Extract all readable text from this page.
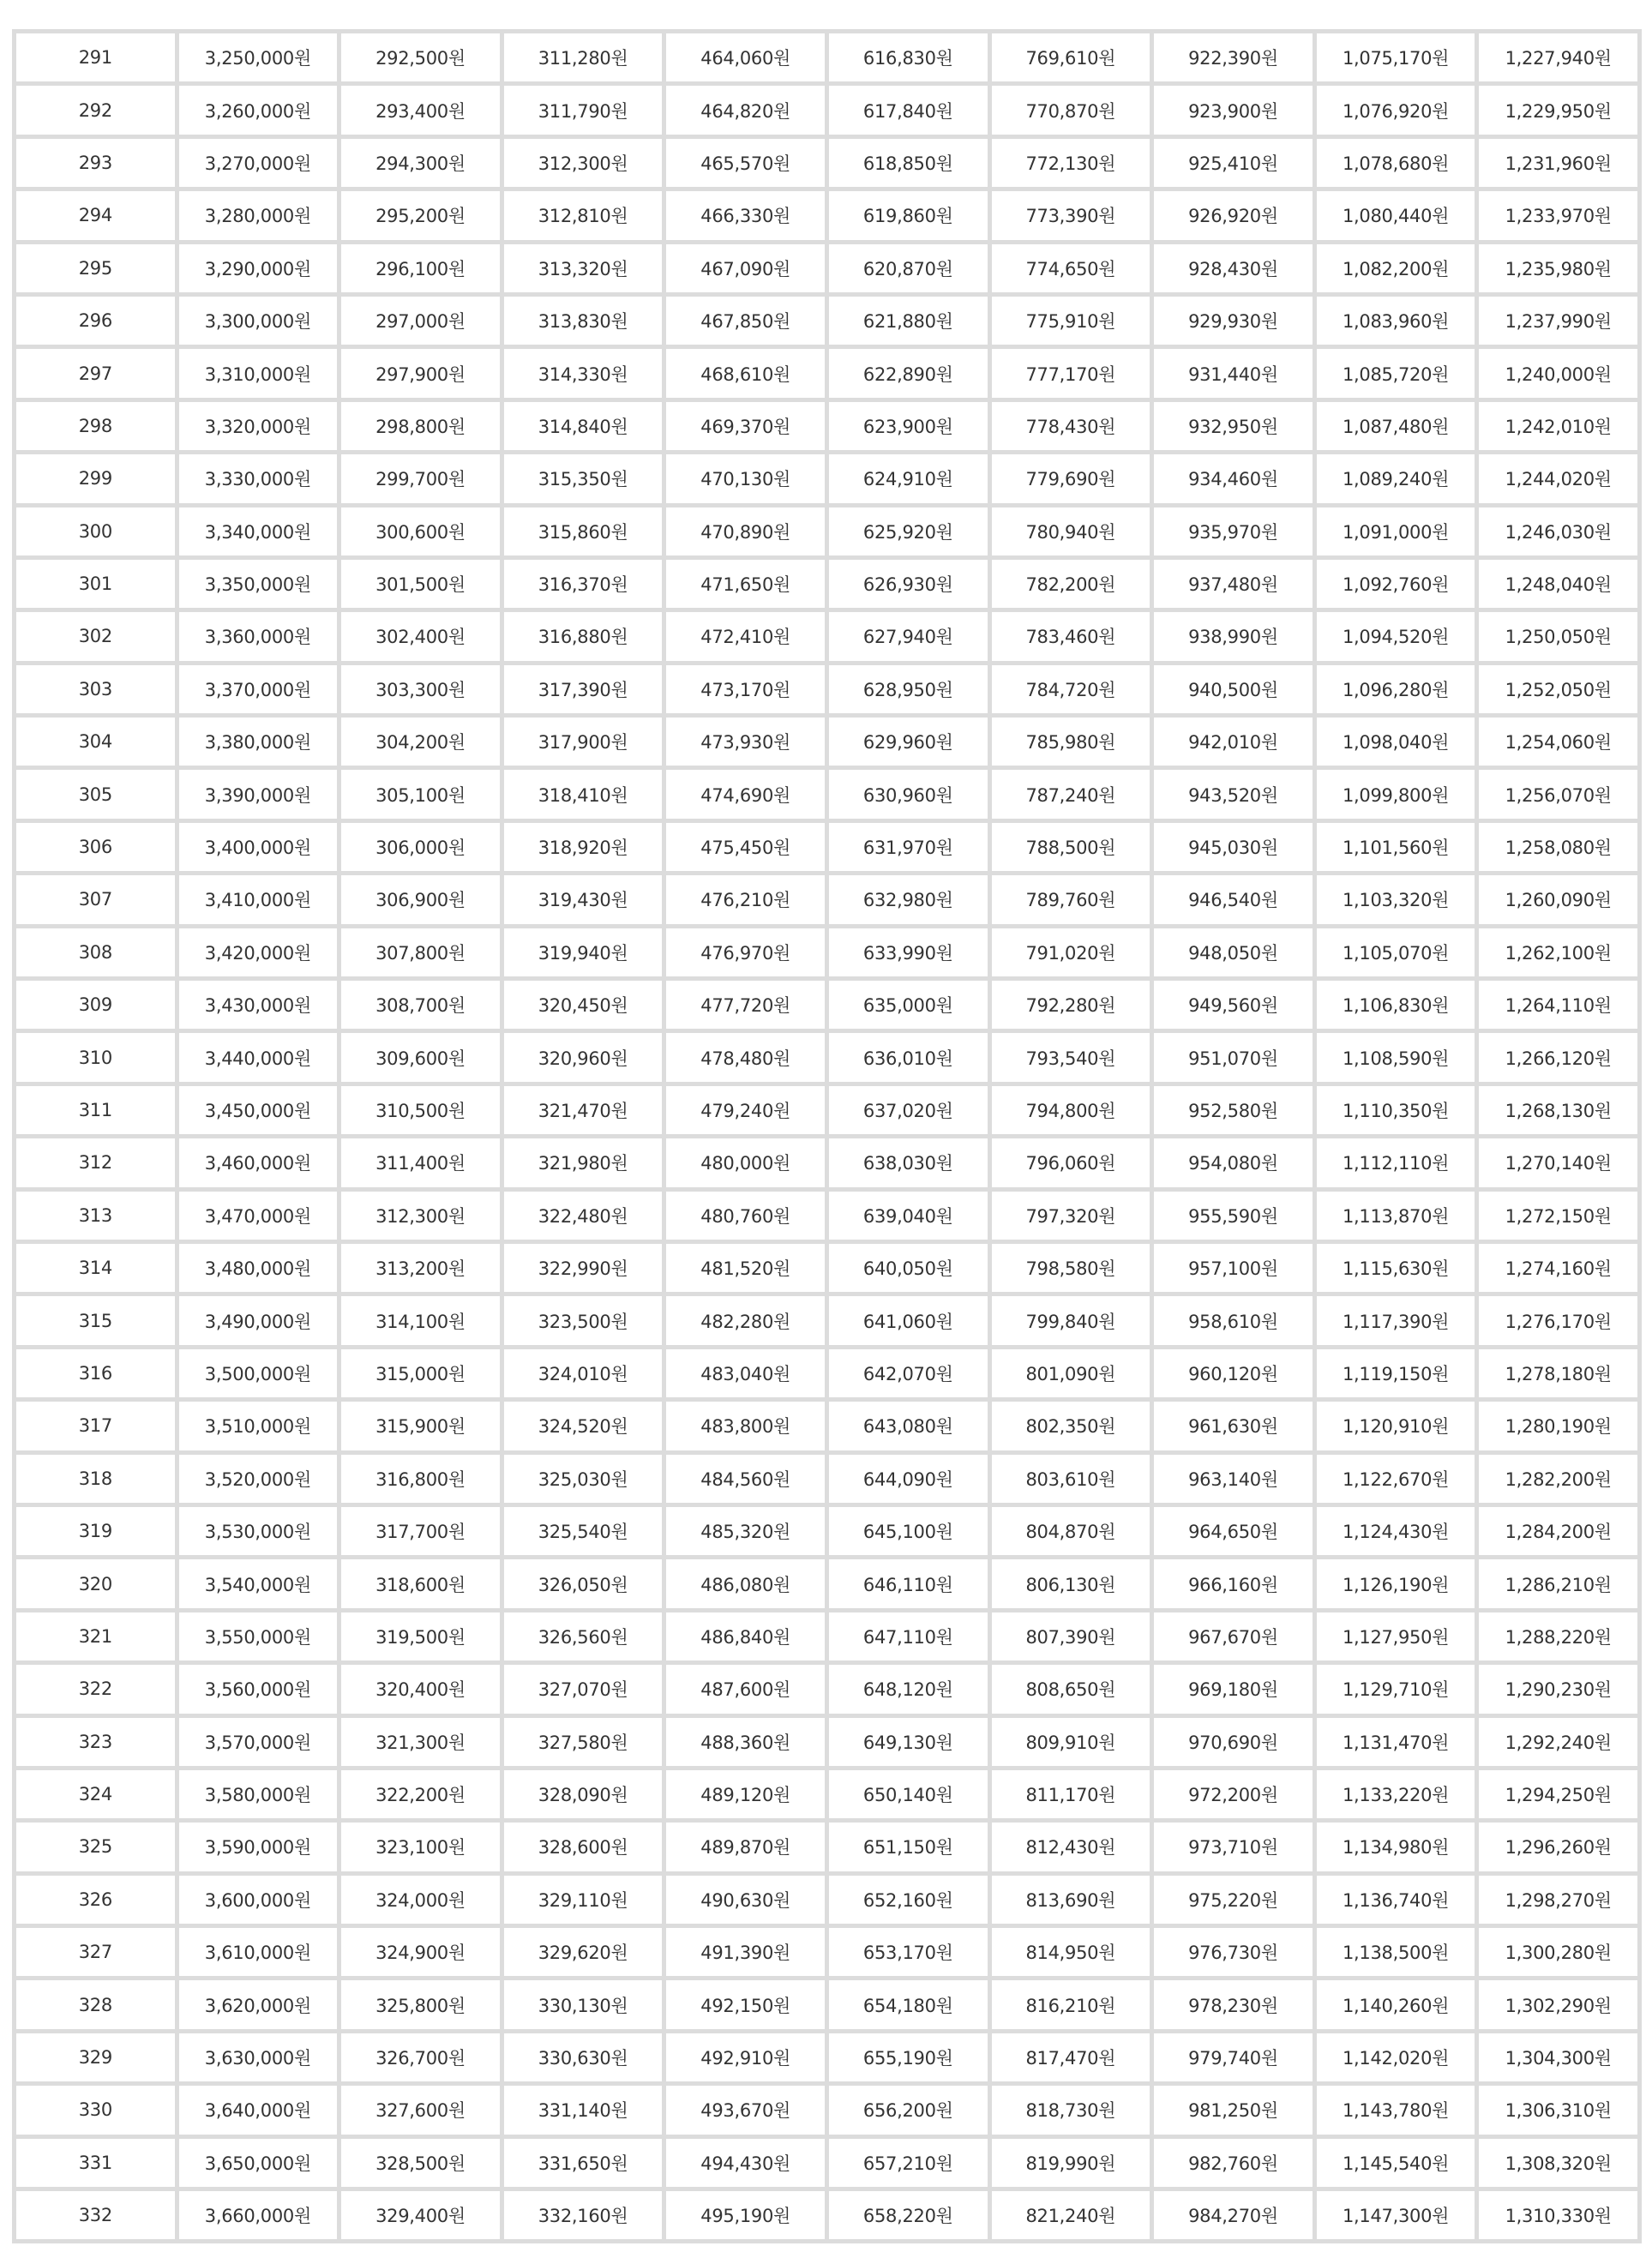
291	3,250,000원	292,500원	311,280원	464,060원	616,830원	769,610원	922,390원	1,075,170원	1,227,940원
292	3,260,000원	293,400원	311,790원	464,820원	617,840원	770,870원	923,900원	1,076,920원	1,229,950원
293	3,270,000원	294,300원	312,300원	465,570원	618,850원	772,130원	925,410원	1,078,680원	1,231,960원
294	3,280,000원	295,200원	312,810원	466,330원	619,860원	773,390원	926,920원	1,080,440원	1,233,970원
295	3,290,000원	296,100원	313,320원	467,090원	620,870원	774,650원	928,430원	1,082,200원	1,235,980원
296	3,300,000원	297,000원	313,830원	467,850원	621,880원	775,910원	929,930원	1,083,960원	1,237,990원
297	3,310,000원	297,900원	314,330원	468,610원	622,890원	777,170원	931,440원	1,085,720원	1,240,000원
298	3,320,000원	298,800원	314,840원	469,370원	623,900원	778,430원	932,950원	1,087,480원	1,242,010원
299	3,330,000원	299,700원	315,350원	470,130원	624,910원	779,690원	934,460원	1,089,240원	1,244,020원
300	3,340,000원	300,600원	315,860원	470,890원	625,920원	780,940원	935,970원	1,091,000원	1,246,030원
301	3,350,000원	301,500원	316,370원	471,650원	626,930원	782,200원	937,480원	1,092,760원	1,248,040원
302	3,360,000원	302,400원	316,880원	472,410원	627,940원	783,460원	938,990원	1,094,520원	1,250,050원
303	3,370,000원	303,300원	317,390원	473,170원	628,950원	784,720원	940,500원	1,096,280원	1,252,050원
304	3,380,000원	304,200원	317,900원	473,930원	629,960원	785,980원	942,010원	1,098,040원	1,254,060원
305	3,390,000원	305,100원	318,410원	474,690원	630,960원	787,240원	943,520원	1,099,800원	1,256,070원
306	3,400,000원	306,000원	318,920원	475,450원	631,970원	788,500원	945,030원	1,101,560원	1,258,080원
307	3,410,000원	306,900원	319,430원	476,210원	632,980원	789,760원	946,540원	1,103,320원	1,260,090원
308	3,420,000원	307,800원	319,940원	476,970원	633,990원	791,020원	948,050원	1,105,070원	1,262,100원
309	3,430,000원	308,700원	320,450원	477,720원	635,000원	792,280원	949,560원	1,106,830원	1,264,110원
310	3,440,000원	309,600원	320,960원	478,480원	636,010원	793,540원	951,070원	1,108,590원	1,266,120원
311	3,450,000원	310,500원	321,470원	479,240원	637,020원	794,800원	952,580원	1,110,350원	1,268,130원
312	3,460,000원	311,400원	321,980원	480,000원	638,030원	796,060원	954,080원	1,112,110원	1,270,140원
313	3,470,000원	312,300원	322,480원	480,760원	639,040원	797,320원	955,590원	1,113,870원	1,272,150원
314	3,480,000원	313,200원	322,990원	481,520원	640,050원	798,580원	957,100원	1,115,630원	1,274,160원
315	3,490,000원	314,100원	323,500원	482,280원	641,060원	799,840원	958,610원	1,117,390원	1,276,170원
316	3,500,000원	315,000원	324,010원	483,040원	642,070원	801,090원	960,120원	1,119,150원	1,278,180원
317	3,510,000원	315,900원	324,520원	483,800원	643,080원	802,350원	961,630원	1,120,910원	1,280,190원
318	3,520,000원	316,800원	325,030원	484,560원	644,090원	803,610원	963,140원	1,122,670원	1,282,200원
319	3,530,000원	317,700원	325,540원	485,320원	645,100원	804,870원	964,650원	1,124,430원	1,284,200원
320	3,540,000원	318,600원	326,050원	486,080원	646,110원	806,130원	966,160원	1,126,190원	1,286,210원
321	3,550,000원	319,500원	326,560원	486,840원	647,110원	807,390원	967,670원	1,127,950원	1,288,220원
322	3,560,000원	320,400원	327,070원	487,600원	648,120원	808,650원	969,180원	1,129,710원	1,290,230원
323	3,570,000원	321,300원	327,580원	488,360원	649,130원	809,910원	970,690원	1,131,470원	1,292,240원
324	3,580,000원	322,200원	328,090원	489,120원	650,140원	811,170원	972,200원	1,133,220원	1,294,250원
325	3,590,000원	323,100원	328,600원	489,870원	651,150원	812,430원	973,710원	1,134,980원	1,296,260원
326	3,600,000원	324,000원	329,110원	490,630원	652,160원	813,690원	975,220원	1,136,740원	1,298,270원
327	3,610,000원	324,900원	329,620원	491,390원	653,170원	814,950원	976,730원	1,138,500원	1,300,280원
328	3,620,000원	325,800원	330,130원	492,150원	654,180원	816,210원	978,230원	1,140,260원	1,302,290원
329	3,630,000원	326,700원	330,630원	492,910원	655,190원	817,470원	979,740원	1,142,020원	1,304,300원
330	3,640,000원	327,600원	331,140원	493,670원	656,200원	818,730원	981,250원	1,143,780원	1,306,310원
331	3,650,000원	328,500원	331,650원	494,430원	657,210원	819,990원	982,760원	1,145,540원	1,308,320원
332	3,660,000원	329,400원	332,160원	495,190원	658,220원	821,240원	984,270원	1,147,300원	1,310,330원
